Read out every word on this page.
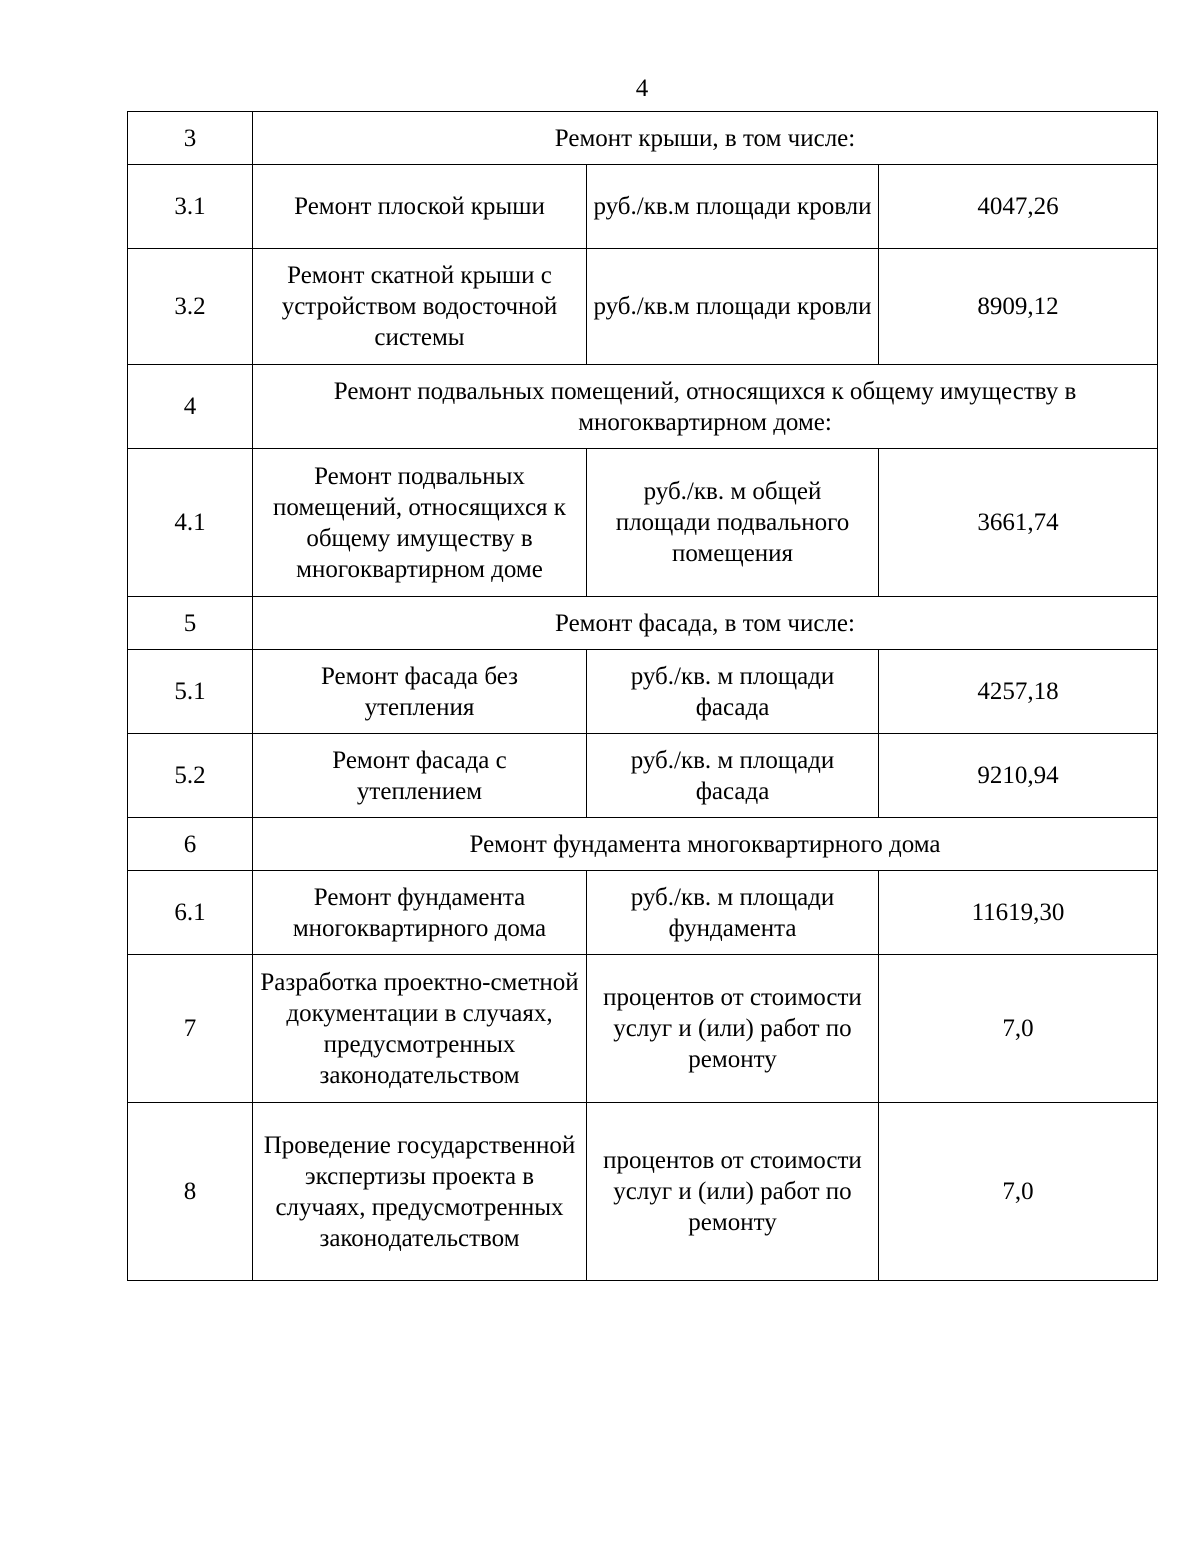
4
3	Ремонт крыши, в том числе:		
3.1	Ремонт плоской крыши	руб./кв.м площади кровли	4047,26
3.2	Ремонт скатной крыши с устройством водосточной системы	руб./кв.м площади кровли	8909,12
4	Ремонт подвальных помещений, относящихся к общему имуществу в многоквартирном доме:		
4.1	Ремонт подвальных помещений, относящихся к общему имуществу в многоквартирном доме	руб./кв. м общей площади подвального помещения	3661,74
5	Ремонт фасада, в том числе:		
5.1	Ремонт фасада без утепления	руб./кв. м площади фасада	4257,18
5.2	Ремонт фасада с утеплением	руб./кв. м площади фасада	9210,94
6	Ремонт фундамента многоквартирного дома		
6.1	Ремонт фундамента многоквартирного дома	руб./кв. м площади фундамента	11619,30
7	Разработка проектно-сметной документации в случаях, предусмотренных законодательством	процентов от стоимости услуг и (или) работ по ремонту	7,0
8	Проведение государственной экспертизы проекта в случаях, предусмотренных законодательством	процентов от стоимости услуг и (или) работ по ремонту	7,0
